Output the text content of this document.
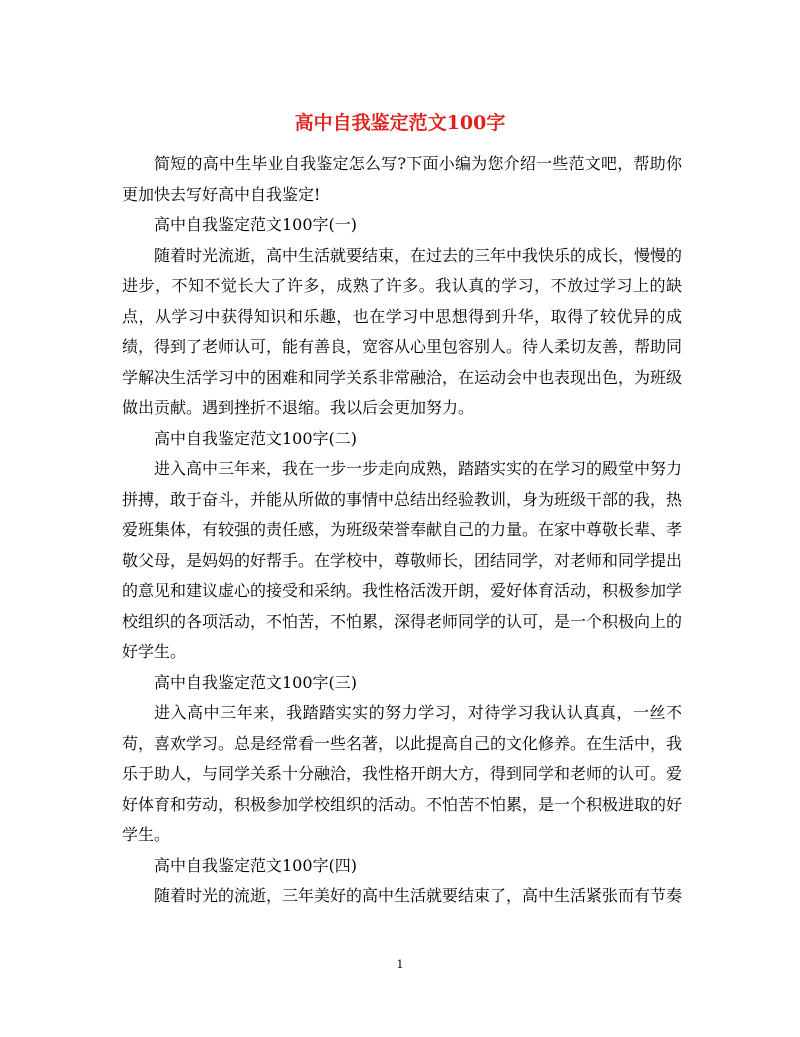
高中自我鉴定范文100字

简短的高中生毕业自我鉴定怎么写?下面小编为您介绍一些范文吧，帮助你更加快去写好高中自我鉴定!

高中自我鉴定范文100字(一)

随着时光流逝，高中生活就要结束，在过去的三年中我快乐的成长，慢慢的进步，不知不觉长大了许多，成熟了许多。我认真的学习，不放过学习上的缺点，从学习中获得知识和乐趣，也在学习中思想得到升华，取得了较优异的成绩，得到了老师认可，能有善良，宽容从心里包容别人。待人柔切友善，帮助同学解决生活学习中的困难和同学关系非常融洽，在运动会中也表现出色，为班级做出贡献。遇到挫折不退缩。我以后会更加努力。

高中自我鉴定范文100字(二)

进入高中三年来，我在一步一步走向成熟，踏踏实实的在学习的殿堂中努力拼搏，敢于奋斗，并能从所做的事情中总结出经验教训，身为班级干部的我，热爱班集体，有较强的责任感，为班级荣誉奉献自己的力量。在家中尊敬长辈、孝敬父母，是妈妈的好帮手。在学校中，尊敬师长，团结同学，对老师和同学提出的意见和建议虚心的接受和采纳。我性格活泼开朗，爱好体育活动，积极参加学校组织的各项活动，不怕苦，不怕累，深得老师同学的认可，是一个积极向上的好学生。

高中自我鉴定范文100字(三)

进入高中三年来，我踏踏实实的努力学习，对待学习我认认真真，一丝不苟，喜欢学习。总是经常看一些名著，以此提高自己的文化修养。在生活中，我乐于助人，与同学关系十分融洽，我性格开朗大方，得到同学和老师的认可。爱好体育和劳动，积极参加学校组织的活动。不怕苦不怕累，是一个积极进取的好学生。

高中自我鉴定范文100字(四)

随着时光的流逝，三年美好的高中生活就要结束了，高中生活紧张而有节奏

1
